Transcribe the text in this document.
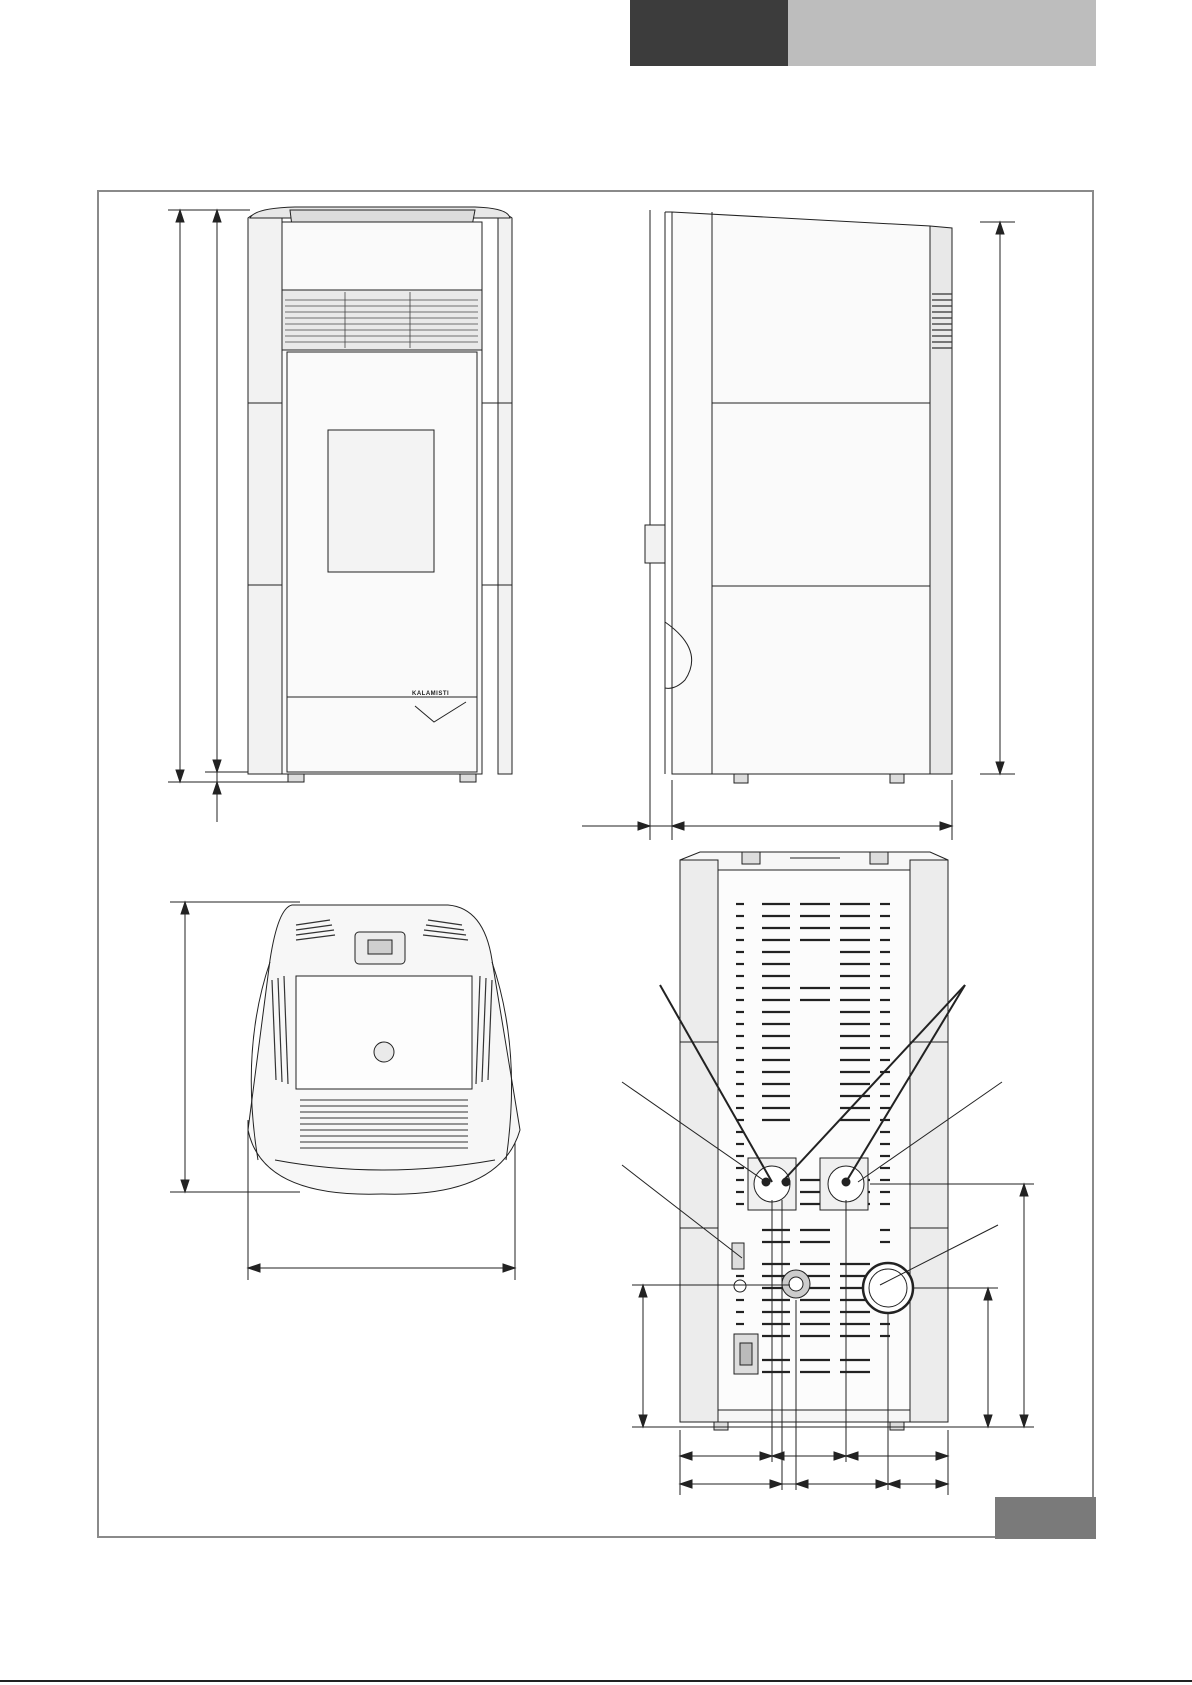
KALAMISTI
